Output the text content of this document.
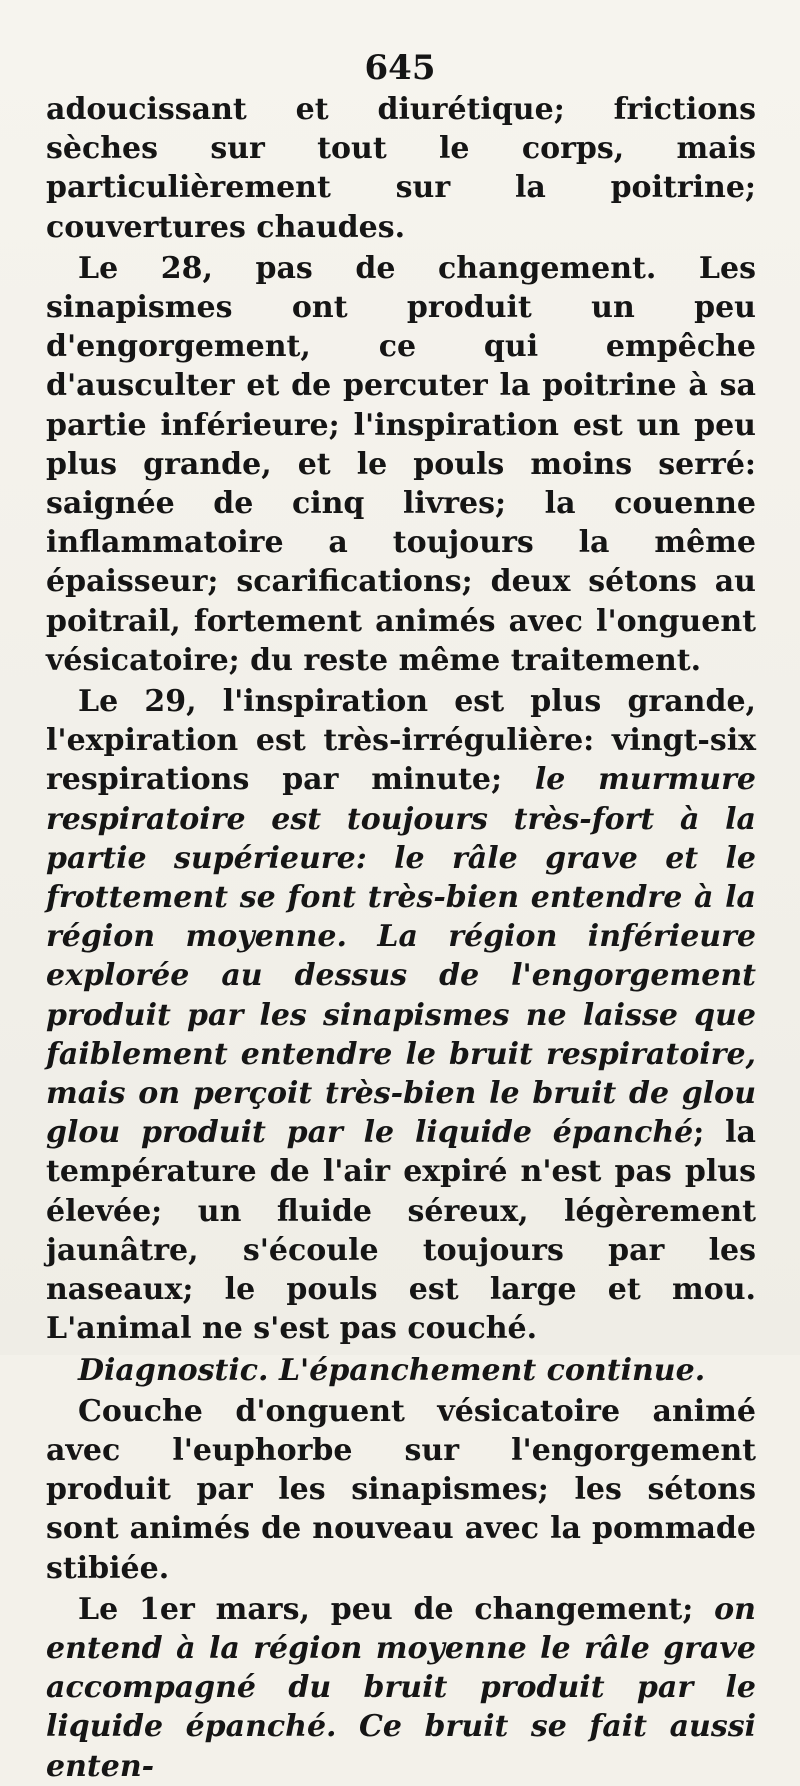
645

adoucissant et diurétique; frictions sèches sur tout le corps, mais particulièrement sur la poitrine; couvertures chaudes.

Le 28, pas de changement. Les sinapismes ont produit un peu d'engorgement, ce qui empêche d'ausculter et de percuter la poitrine à sa partie inférieure; l'inspiration est un peu plus grande, et le pouls moins serré: saignée de cinq livres; la couenne inflammatoire a toujours la même épaisseur; scarifications; deux sétons au poitrail, fortement animés avec l'onguent vésicatoire; du reste même traitement.

Le 29, l'inspiration est plus grande, l'expiration est très-irrégulière: vingt-six respirations par minute; le murmure respiratoire est toujours très-fort à la partie supérieure: le râle grave et le frottement se font très-bien entendre à la région moyenne. La région inférieure explorée au dessus de l'engorgement produit par les sinapismes ne laisse que faiblement entendre le bruit respiratoire, mais on perçoit très-bien le bruit de glou glou produit par le liquide épanché; la température de l'air expiré n'est pas plus élevée; un fluide séreux, légèrement jaunâtre, s'écoule toujours par les naseaux; le pouls est large et mou. L'animal ne s'est pas couché.

Diagnostic. L'épanchement continue.

Couche d'onguent vésicatoire animé avec l'euphorbe sur l'engorgement produit par les sinapismes; les sétons sont animés de nouveau avec la pommade stibiée.

Le 1er mars, peu de changement; on entend à la région moyenne le râle grave accompagné du bruit produit par le liquide épanché. Ce bruit se fait aussi enten-
